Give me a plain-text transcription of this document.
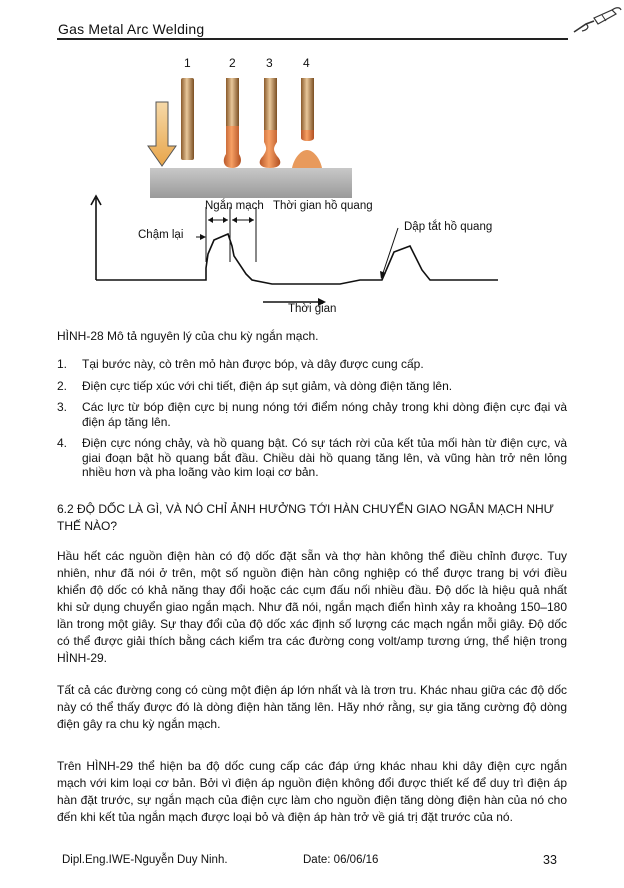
Gas Metal Arc Welding
1	2	3	4
Ngắn mạch Thời gian hồ quang
Chậm lại
Dập tắt hồ quang
Thời gian
HÌNH-28 Mô tả nguyên lý của chu kỳ ngắn mạch.
1. Tại bước này, cò trên mỏ hàn được bóp, và dây được cung cấp.
2. Điện cực tiếp xúc với chi tiết, điện áp sụt giảm, và dòng điện tăng lên.
3. Các lực từ bóp điện cực bị nung nóng tới điểm nóng chảy trong khi dòng điện cực đại và điện áp tăng lên.
4. Điện cực nóng chảy, và hồ quang bật. Có sự tách rời của kết tủa mối hàn từ điện cực, và giai đoạn bật hồ quang bắt đầu. Chiều dài hồ quang tăng lên, và vũng hàn trở nên lỏng nhiều hơn và pha loãng vào kim loại cơ bản.
6.2 ĐỘ DỐC LÀ GÌ, VÀ NÓ CHỈ ẢNH HƯỞNG TỚI HÀN CHUYỂN GIAO NGẮN MẠCH NHƯ THẾ NÀO?

Hầu hết các nguồn điện hàn có độ dốc đặt sẵn và thợ hàn không thể điều chỉnh được. Tuy nhiên, như đã nói ở trên, một số nguồn điện hàn công nghiệp có thể được trang bị với điều khiển độ dốc có khả năng thay đổi hoặc các cụm đấu nối nhiều đầu. Độ dốc là hiệu quả nhất khi sử dụng chuyển giao ngắn mạch. Như đã nói, ngắn mạch điển hình xảy ra khoảng 150–180 lần trong một giây. Sự thay đổi của độ dốc xác định số lượng các mạch ngắn mỗi giây. Độ dốc có thể được giải thích bằng cách kiểm tra các đường cong volt/amp tương ứng, thể hiện trong HÌNH-29.

Tất cả các đường cong có cùng một điện áp lớn nhất và là trơn tru. Khác nhau giữa các độ dốc này có thể thấy được đó là dòng điện hàn tăng lên. Hãy nhớ rằng, sự gia tăng cường độ dòng điện gây ra chu kỳ ngắn mạch.

Trên HÌNH-29 thể hiện ba độ dốc cung cấp các đáp ứng khác nhau khi dây điện cực ngắn mạch với kim loại cơ bản. Bởi vì điện áp nguồn điện không đổi được thiết kế để duy trì điện áp hàn đặt trước, sự ngắn mạch của điện cực làm cho nguồn điện tăng dòng điện hàn của nó cho đến khi kết tủa ngắn mạch được loại bỏ và điện áp hàn trở về giá trị đặt trước của nó.

Dipl.Eng.IWE-Nguyễn Duy Ninh.	Date: 06/06/16	33
